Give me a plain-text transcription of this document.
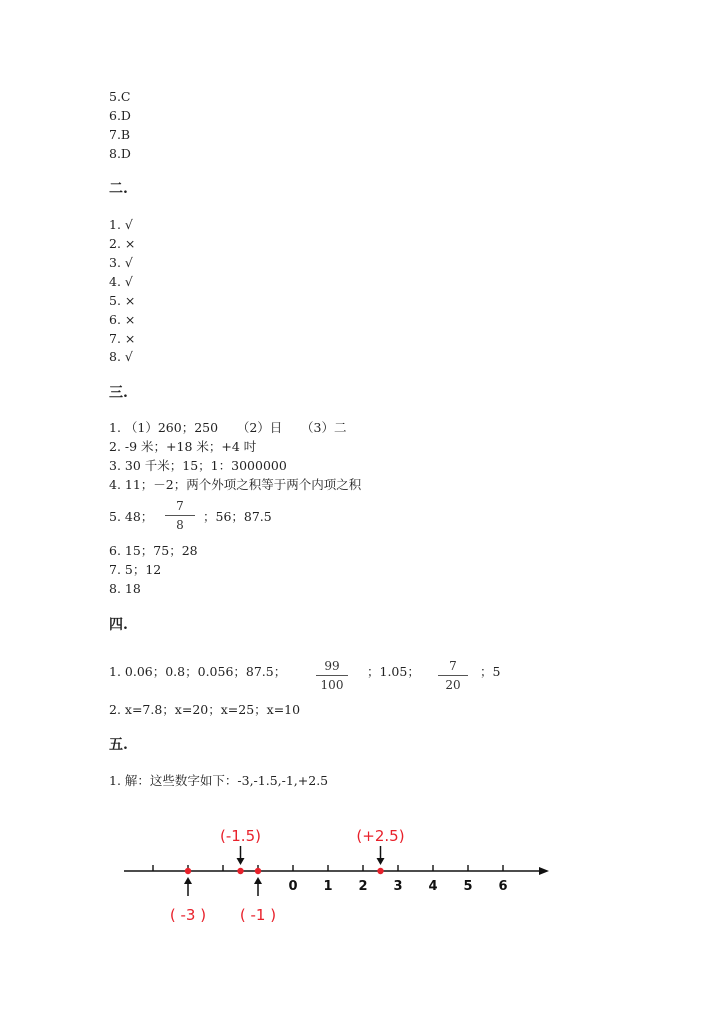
5.C
6.D
7.B
8.D
二.
1. √
2. ×
3. √
4. √
5. ×
6. ×
7. ×
8. √
三.
1. （1）260；250　　（2）日　　（3）二
2. -9 米；+18 米；+4 吋
3. 30 千米；15；1：3000000
4. 11；－2；两个外项之积等于两个内项之积
5. 48； $\frac{7}{8}$ ；56；87.5
6. 15；75；28
7. 5；12
8. 18
四.
1. 0.06；0.8；0.056；87.5； $\frac{99}{100}$ ；1.05； $\frac{7}{20}$ ；5
2. x=7.8；x=20；x=25；x=10
五.
1. 解：这些数字如下：-3,-1.5,-1,+2.5
0 1 2 3 4 5 6
( -3 )
(-1.5)
( -1 )
(+2.5)
